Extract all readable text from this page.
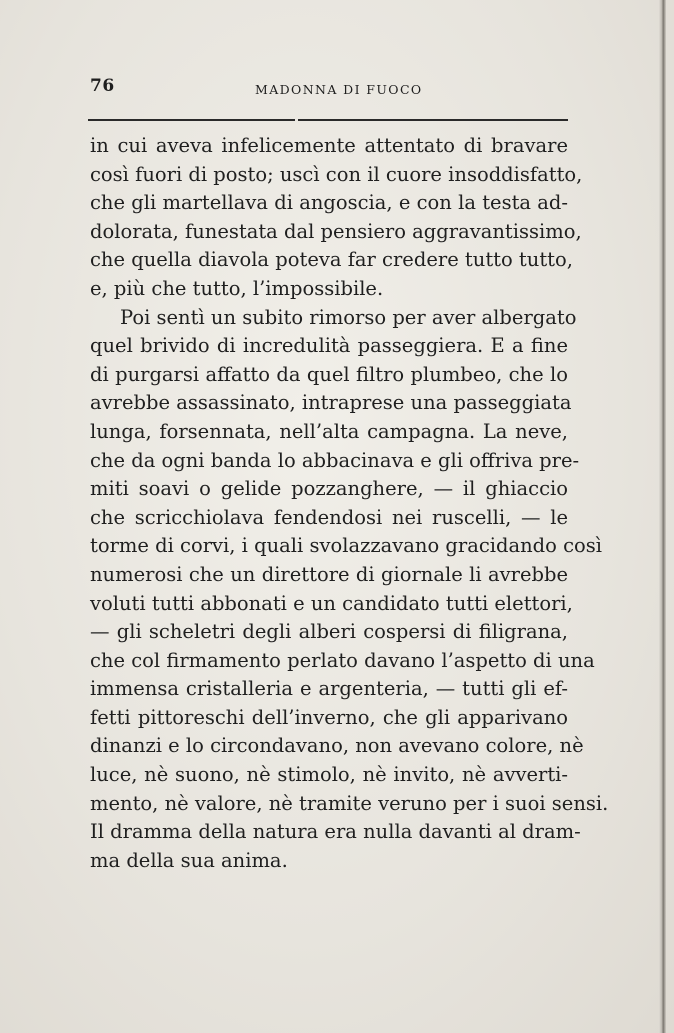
76	MADONNA DI FUOCO
in cui aveva infelicemente attentato di bravare
così fuori di posto; uscì con il cuore insoddisfatto,
che gli martellava di angoscia, e con la testa ad-
dolorata, funestata dal pensiero aggravantissimo,
che quella diavola poteva far credere tutto tutto,
e, più che tutto, l’impossibile.
Poi sentì un subito rimorso per aver albergato
quel brivido di incredulità passeggiera. E a fine
di purgarsi affatto da quel filtro plumbeo, che lo
avrebbe assassinato, intraprese una passeggiata
lunga, forsennata, nell’alta campagna. La neve,
che da ogni banda lo abbacinava e gli offriva pre-
miti soavi o gelide pozzanghere, — il ghiaccio
che scricchiolava fendendosi nei ruscelli, — le
torme di corvi, i quali svolazzavano gracidando così
numerosi che un direttore di giornale li avrebbe
voluti tutti abbonati e un candidato tutti elettori,
— gli scheletri degli alberi cospersi di filigrana,
che col firmamento perlato davano l’aspetto di una
immensa cristalleria e argenteria, — tutti gli ef-
fetti pittoreschi dell’inverno, che gli apparivano
dinanzi e lo circondavano, non avevano colore, nè
luce, nè suono, nè stimolo, nè invito, nè avverti-
mento, nè valore, nè tramite veruno per i suoi sensi.
Il dramma della natura era nulla davanti al dram-
ma della sua anima.
